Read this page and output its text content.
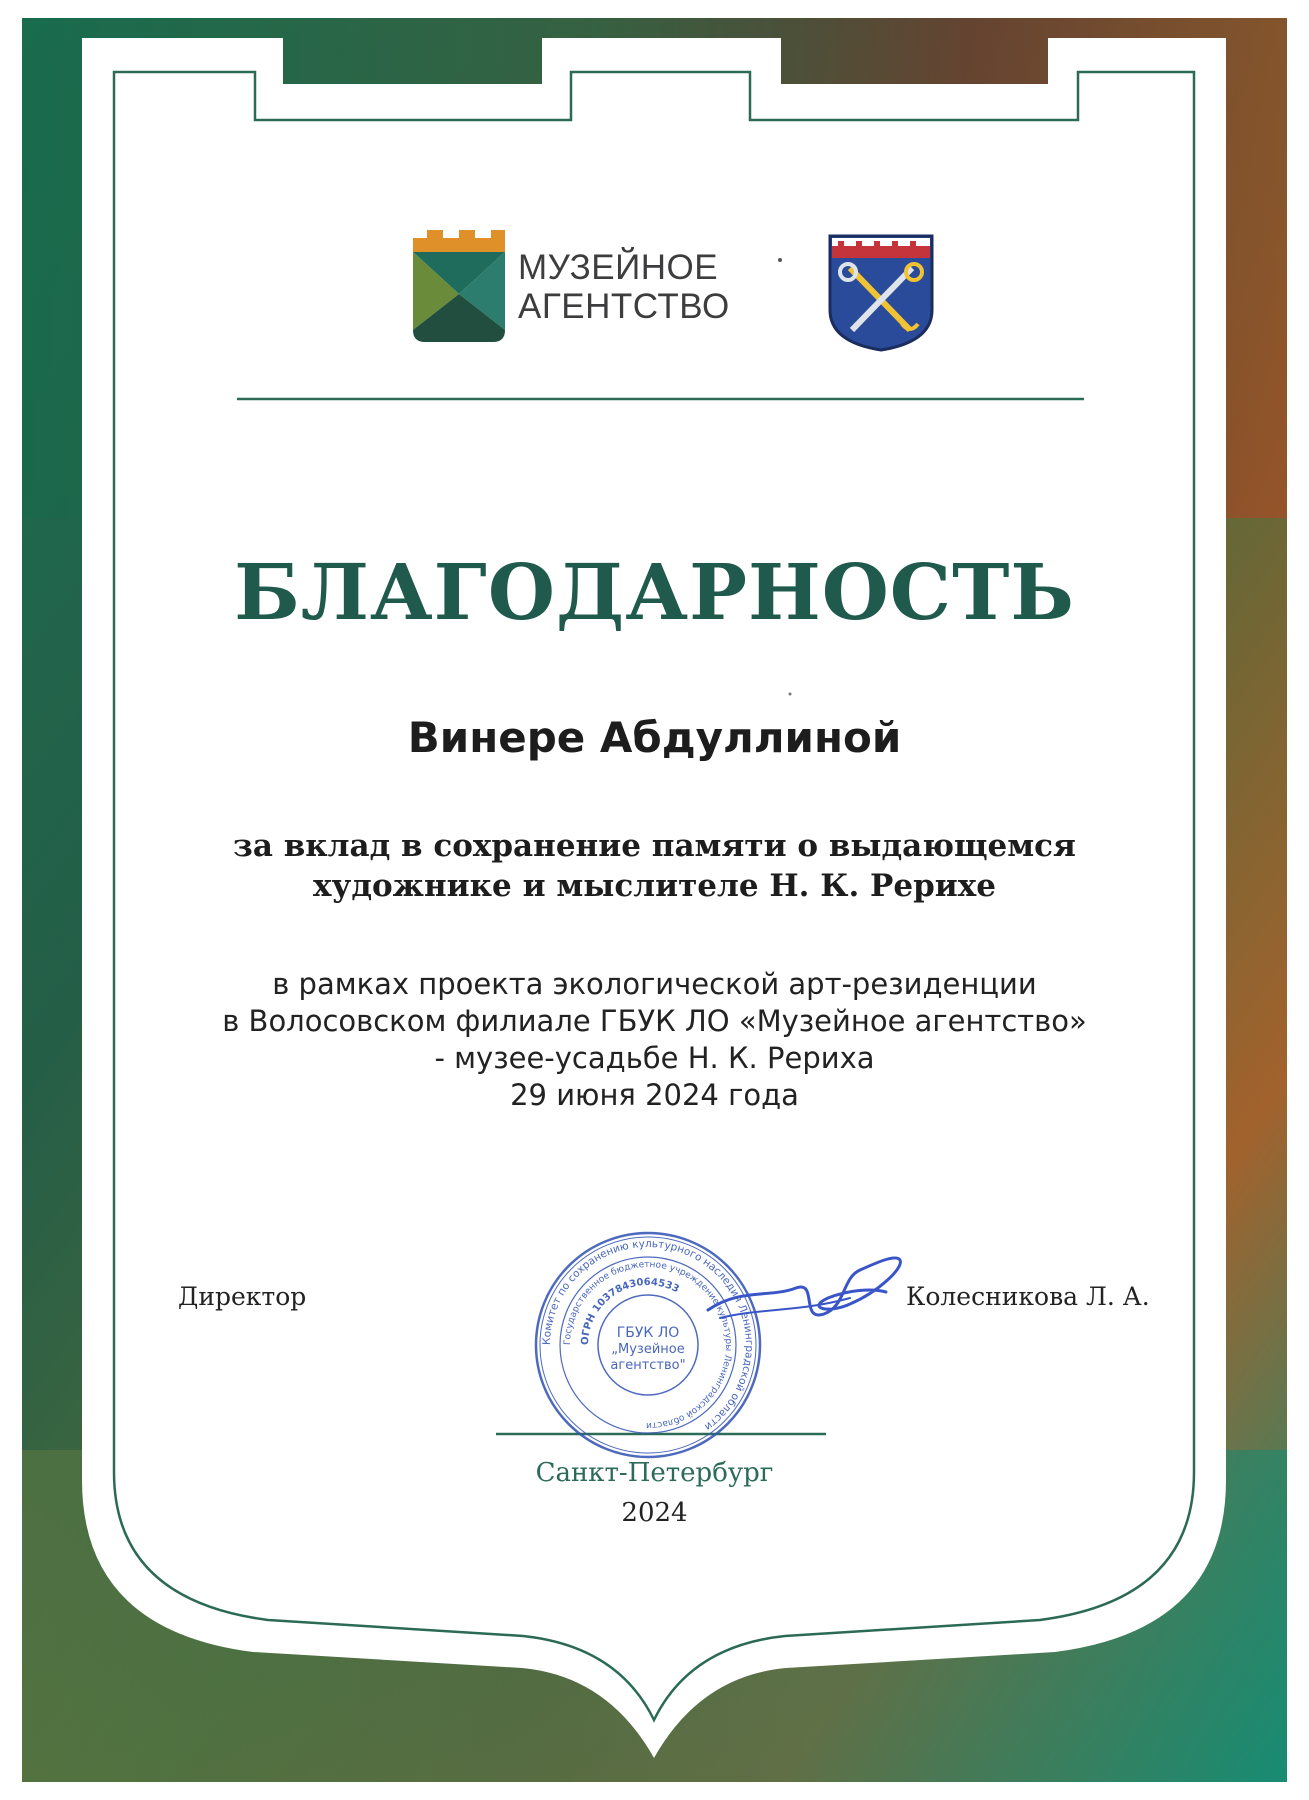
МУЗЕЙНОЕ
АГЕНТСТВО
БЛАГОДАРНОСТЬ
Винере Абдуллиной
за вклад в сохранение памяти о выдающемся
художнике и мыслителе Н. К. Рерихе
в рамках проекта экологической арт-резиденции
в Волосовском филиале ГБУК ЛО «Музейное агентство»
- музее-усадьбе Н. К. Рериха
29 июня 2024 года
Директор	Колесникова Л. А.
Комитет по сохранению культурного наследия Ленинградской области
Государственное бюджетное учреждение культуры Ленинградской области
ОГРН 1037843064533
ГБУК ЛО
„Музейное
агентство"
Санкт-Петербург
2024
